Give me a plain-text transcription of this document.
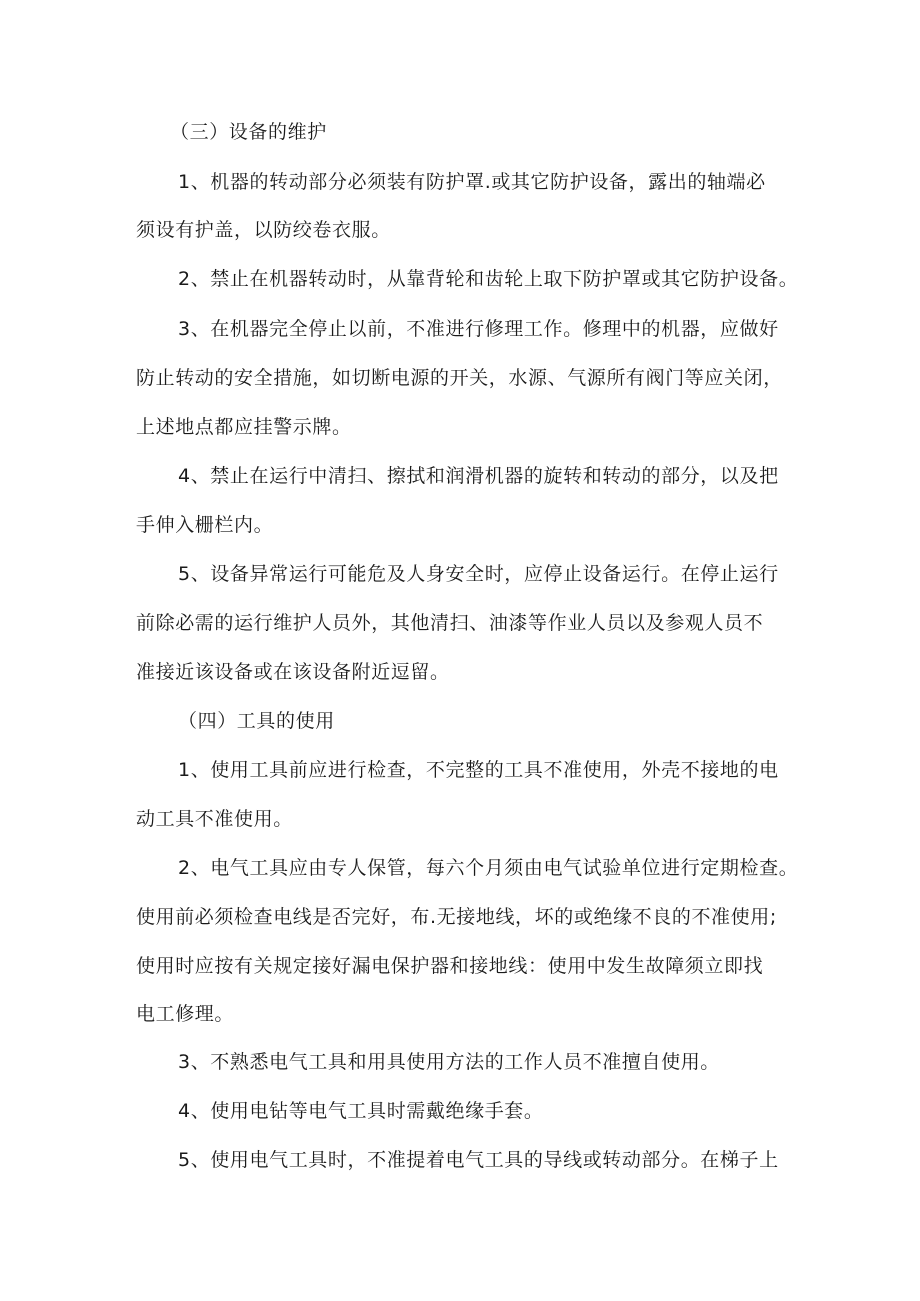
（三）设备的维护
1、机器的转动部分必须装有防护罩.或其它防护设备，露出的轴端必
须设有护盖，以防绞卷衣服。
2、禁止在机器转动时，从靠背轮和齿轮上取下防护罩或其它防护设备。
3、在机器完全停止以前，不准进行修理工作。修理中的机器，应做好
防止转动的安全措施，如切断电源的开关，水源、气源所有阀门等应关闭，
上述地点都应挂警示牌。
4、禁止在运行中清扫、擦拭和润滑机器的旋转和转动的部分，以及把
手伸入栅栏内。
5、设备异常运行可能危及人身安全时，应停止设备运行。在停止运行
前除必需的运行维护人员外，其他清扫、油漆等作业人员以及参观人员不
准接近该设备或在该设备附近逗留。
（四）工具的使用
1、使用工具前应进行检查，不完整的工具不准使用，外壳不接地的电
动工具不准使用。
2、电气工具应由专人保管，每六个月须由电气试验单位进行定期检查。
使用前必须检查电线是否完好，布.无接地线，坏的或绝缘不良的不准使用;
使用时应按有关规定接好漏电保护器和接地线：使用中发生故障须立即找
电工修理。
3、不熟悉电气工具和用具使用方法的工作人员不准擅自使用。
4、使用电钻等电气工具时需戴绝缘手套。
5、使用电气工具时，不准提着电气工具的导线或转动部分。在梯子上
